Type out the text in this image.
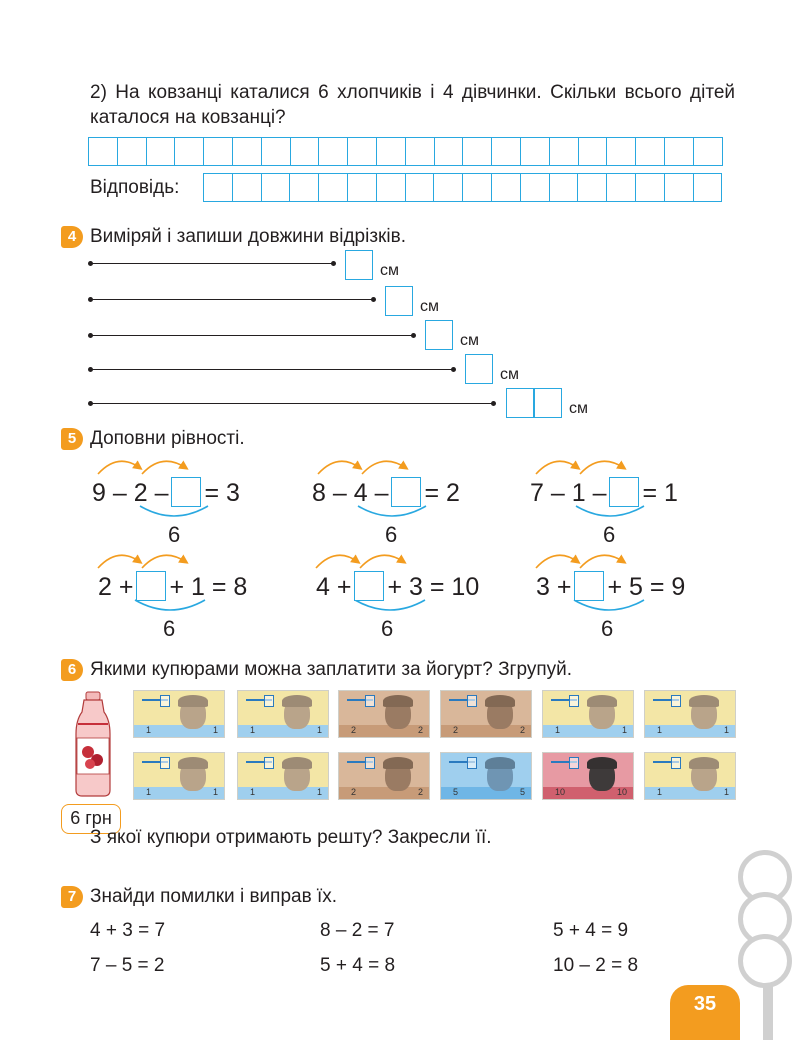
2) На ковзанці каталися 6 хлопчиків і 4 дівчинки. Скільки всього дітей каталося на ковзанці?
Відповідь:
4 Виміряй і запиши довжини відрізків.
см
см
см
см
см
5 Доповни рівності.
9 – 2 – = 3
6
8 – 4 – = 2
6
7 – 1 – = 1
6
2 + + 1 = 8
6
4 + + 3 = 10
6
3 + + 5 = 9
6
6 Якими купюрами можна заплатити за йогурт? Згрупуй.
6 грн
1	1	1	1	2	2	2	2	1	1	1	1
1	1	1	1	2	2	5	5	10	10	1	1
З якої купюри отримають решту? Закресли її.
7 Знайди помилки і виправ їх.
4 + 3 = 7	8 – 2 = 7	5 + 4 = 9
7 – 5 = 2	5 + 4 = 8	10 – 2 = 8
35
